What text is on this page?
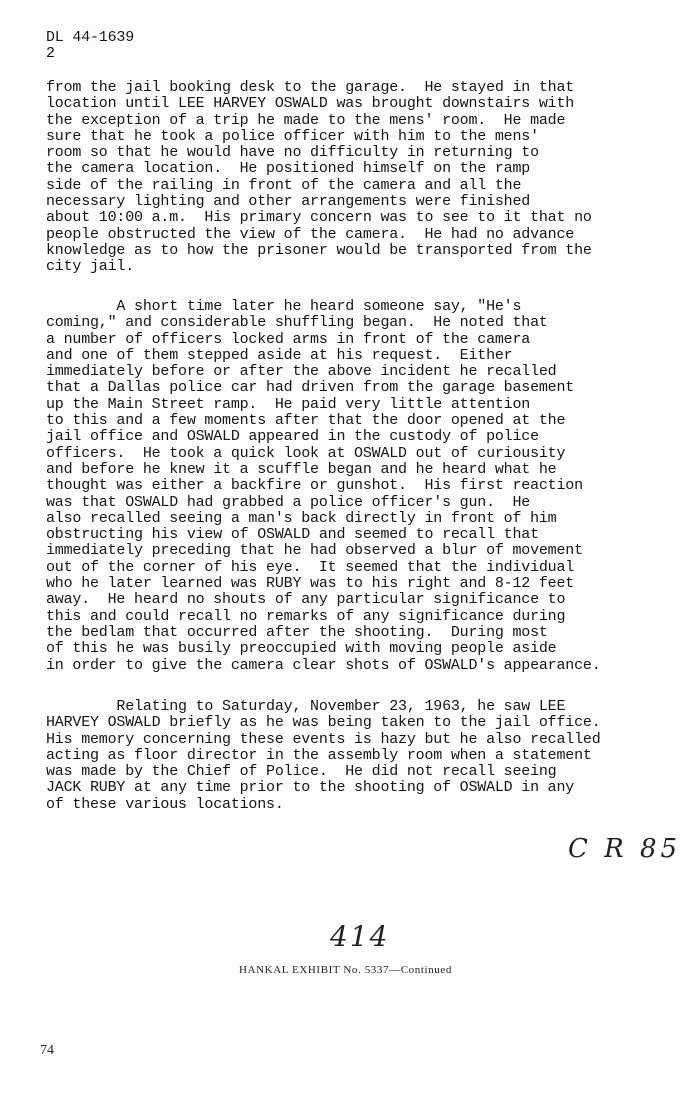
DL 44-1639
2
from the jail booking desk to the garage.  He stayed in that
location until LEE HARVEY OSWALD was brought downstairs with
the exception of a trip he made to the mens' room.  He made
sure that he took a police officer with him to the mens'
room so that he would have no difficulty in returning to
the camera location.  He positioned himself on the ramp
side of the railing in front of the camera and all the
necessary lighting and other arrangements were finished
about 10:00 a.m.  His primary concern was to see to it that no
people obstructed the view of the camera.  He had no advance
knowledge as to how the prisoner would be transported from the
city jail.
A short time later he heard someone say, "He's
coming," and considerable shuffling began.  He noted that
a number of officers locked arms in front of the camera
and one of them stepped aside at his request.  Either
immediately before or after the above incident he recalled
that a Dallas police car had driven from the garage basement
up the Main Street ramp.  He paid very little attention
to this and a few moments after that the door opened at the
jail office and OSWALD appeared in the custody of police
officers.  He took a quick look at OSWALD out of curiousity
and before he knew it a scuffle began and he heard what he
thought was either a backfire or gunshot.  His first reaction
was that OSWALD had grabbed a police officer's gun.  He
also recalled seeing a man's back directly in front of him
obstructing his view of OSWALD and seemed to recall that
immediately preceding that he had observed a blur of movement
out of the corner of his eye.  It seemed that the individual
who he later learned was RUBY was to his right and 8-12 feet
away.  He heard no shouts of any particular significance to
this and could recall no remarks of any significance during
the bedlam that occurred after the shooting.  During most
of this he was busily preoccupied with moving people aside
in order to give the camera clear shots of OSWALD's appearance.
Relating to Saturday, November 23, 1963, he saw LEE
HARVEY OSWALD briefly as he was being taken to the jail office.
His memory concerning these events is hazy but he also recalled
acting as floor director in the assembly room when a statement
was made by the Chief of Police.  He did not recall seeing
JACK RUBY at any time prior to the shooting of OSWALD in any
of these various locations.
C R 85
414
HANKAL EXHIBIT No. 5337—Continued
74
